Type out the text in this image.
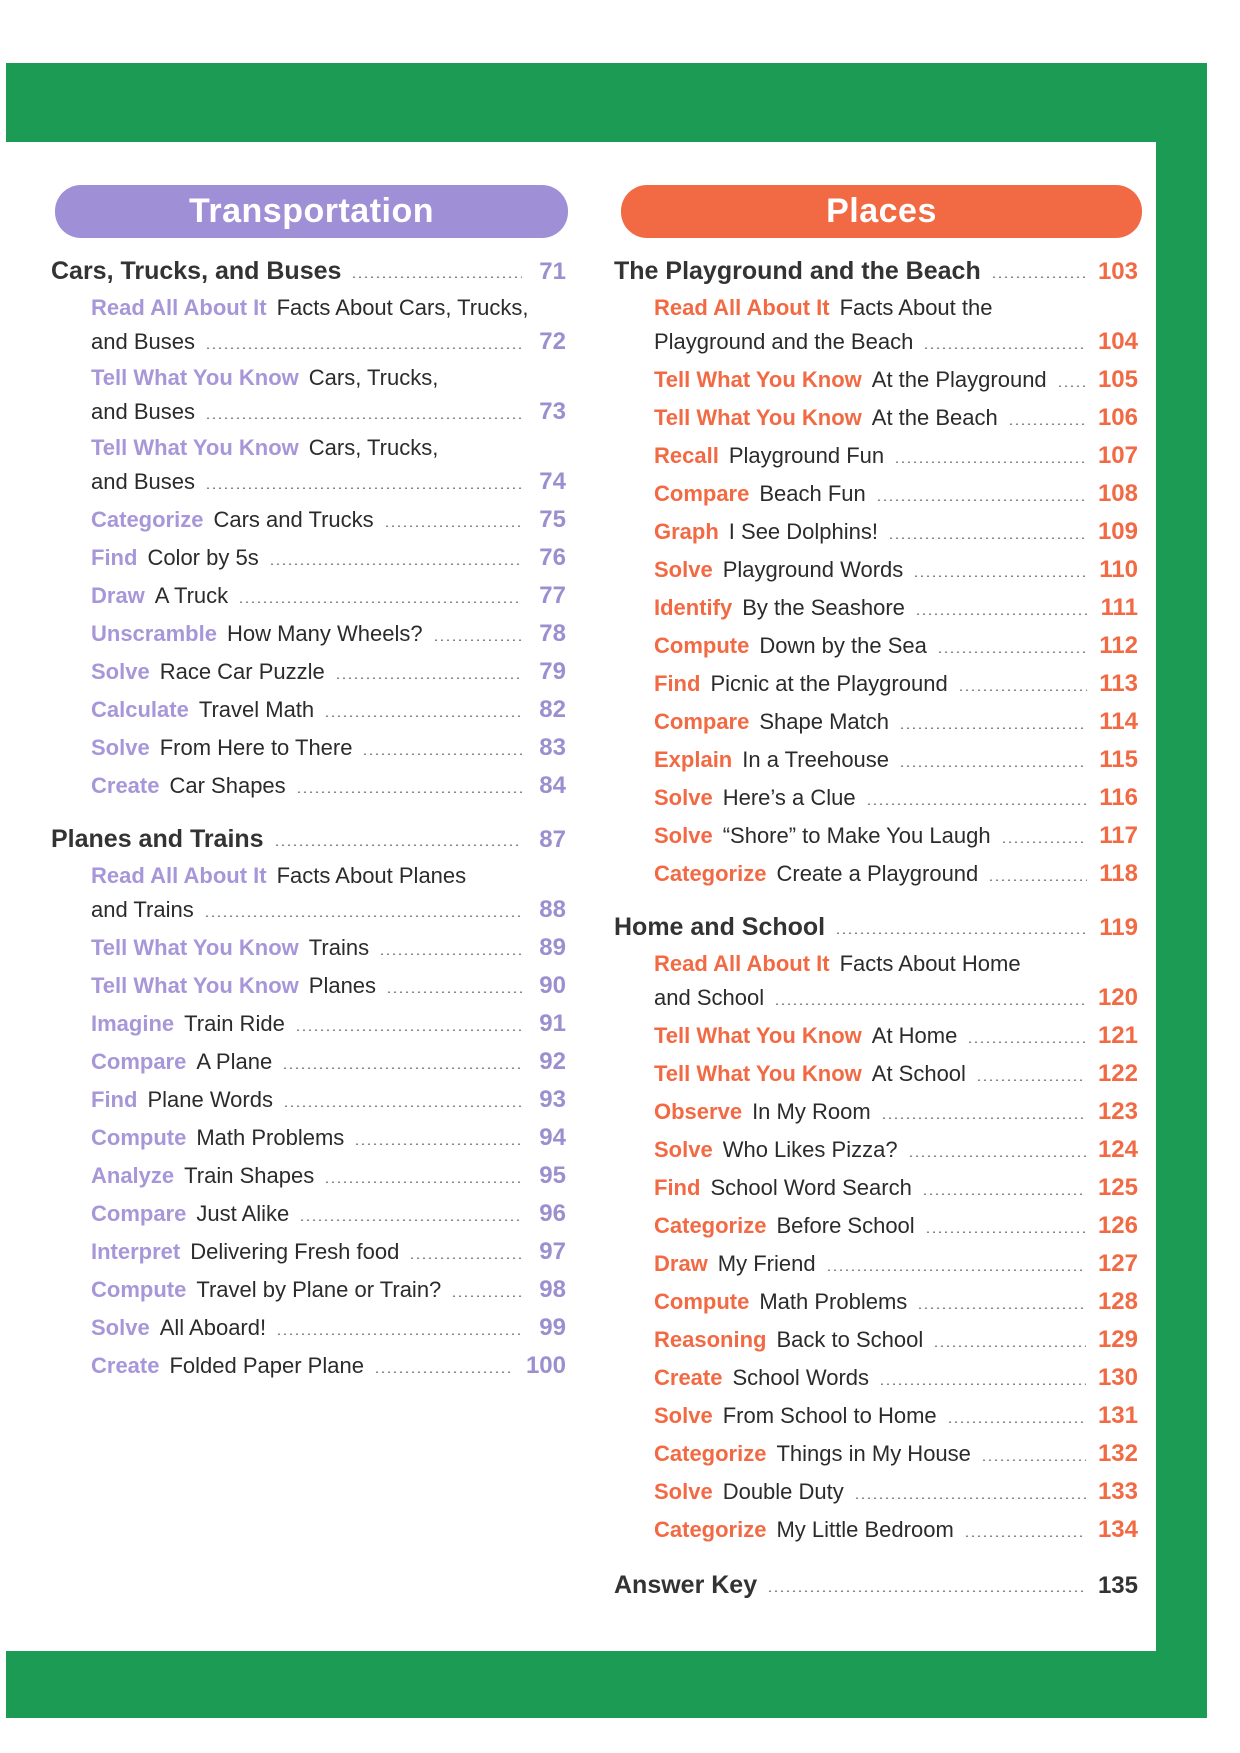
Transportation
Cars, Trucks, and Buses	71
Read All About It Facts About Cars, Trucks,
and Buses	72
Tell What You Know Cars, Trucks,
and Buses	73
Tell What You Know Cars, Trucks,
and Buses	74
Categorize Cars and Trucks	75
Find Color by 5s	76
Draw A Truck	77
Unscramble How Many Wheels?	78
Solve Race Car Puzzle	79
Calculate Travel Math	82
Solve From Here to There	83
Create Car Shapes	84
Planes and Trains	87
Read All About It Facts About Planes
and Trains	88
Tell What You Know Trains	89
Tell What You Know Planes	90
Imagine Train Ride	91
Compare A Plane	92
Find Plane Words	93
Compute Math Problems	94
Analyze Train Shapes	95
Compare Just Alike	96
Interpret Delivering Fresh food	97
Compute Travel by Plane or Train?	98
Solve All Aboard!	99
Create Folded Paper Plane	100
Places
The Playground and the Beach	103
Read All About It Facts About the
Playground and the Beach	104
Tell What You Know At the Playground 105
Tell What You Know At the Beach	106
Recall Playground Fun	107
Compare Beach Fun	108
Graph I See Dolphins!	109
Solve Playground Words	110
Identify By the Seashore	111
Compute Down by the Sea	112
Find Picnic at the Playground	113
Compare Shape Match	114
Explain In a Treehouse	115
Solve Here’s a Clue	116
Solve “Shore” to Make You Laugh	117
Categorize Create a Playground	118
Home and School	119
Read All About It Facts About Home
and School	120
Tell What You Know At Home	121
Tell What You Know At School	122
Observe In My Room	123
Solve Who Likes Pizza?	124
Find School Word Search	125
Categorize Before School	126
Draw My Friend	127
Compute Math Problems	128
Reasoning Back to School	129
Create School Words	130
Solve From School to Home	131
Categorize Things in My House	132
Solve Double Duty	133
Categorize My Little Bedroom	134
Answer Key	135
